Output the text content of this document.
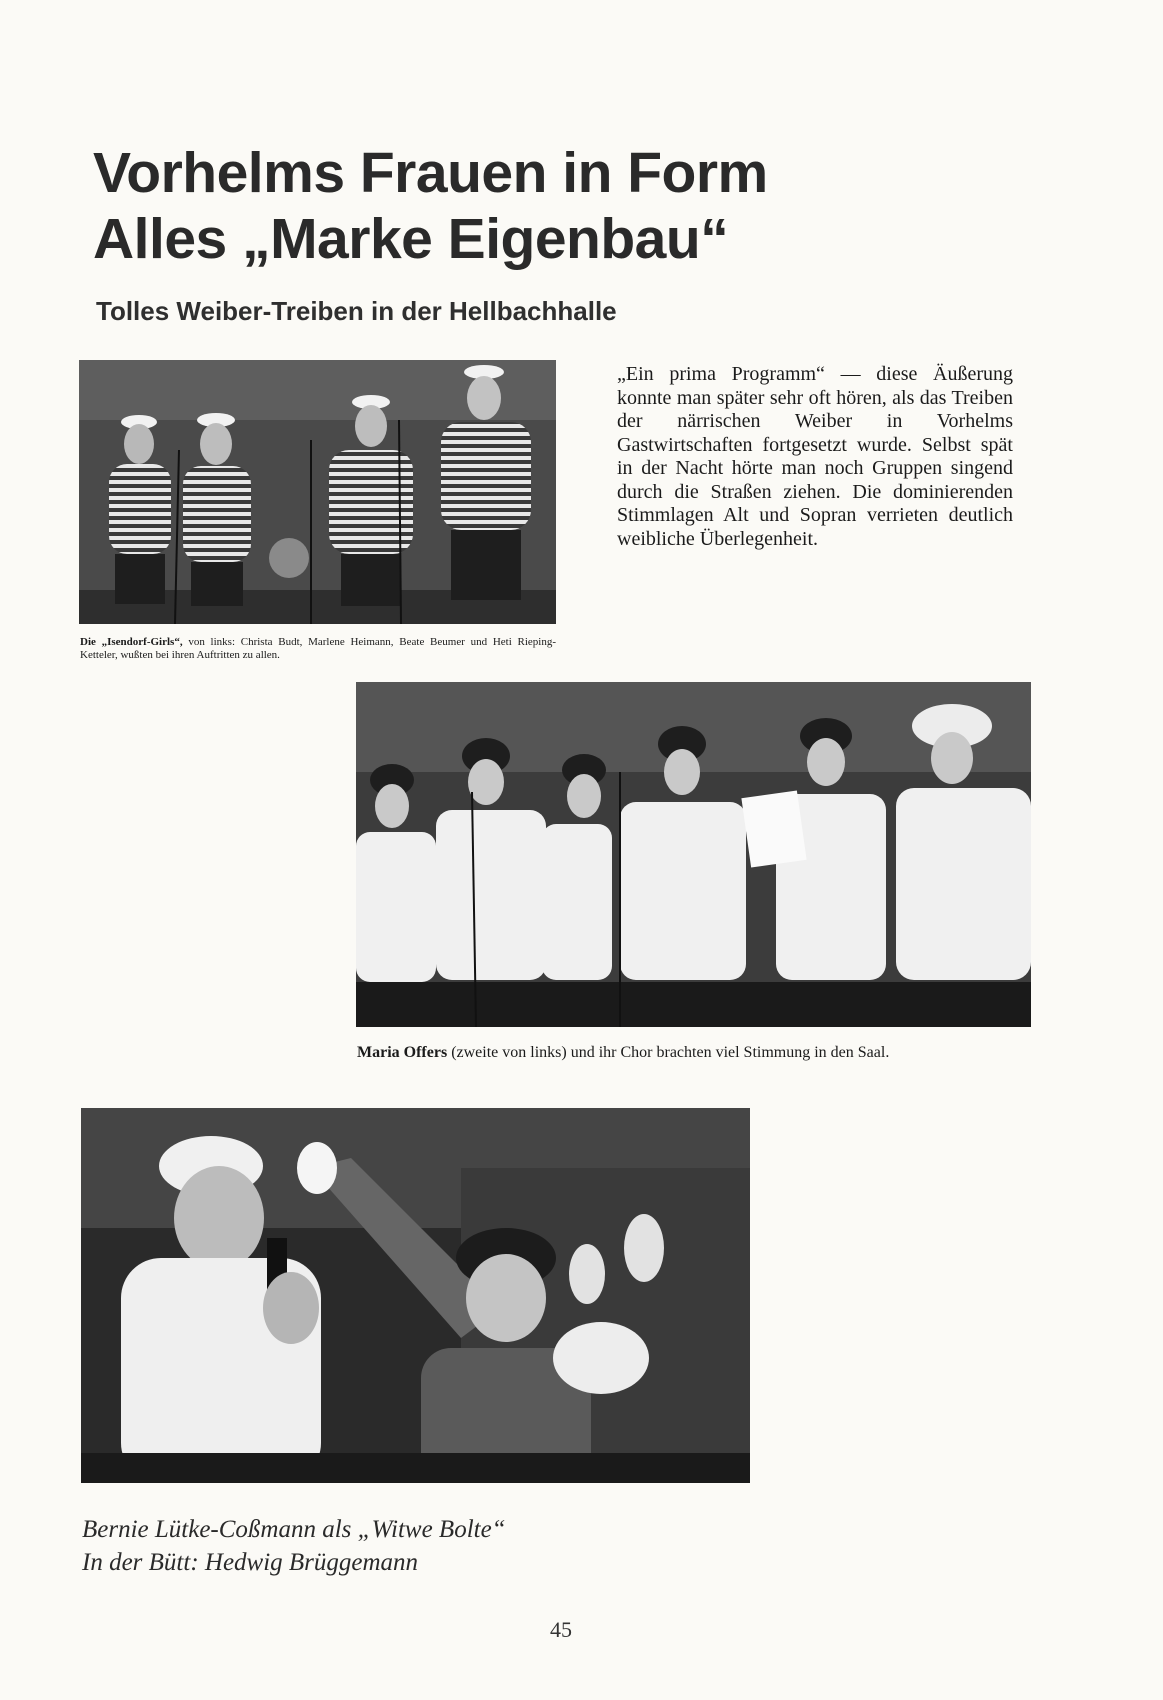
Vorhelms Frauen in Form
Alles „Marke Eigenbau“
Tolles Weiber-Treiben in der Hellbachhalle
Die „Isendorf-Girls“, von links: Christa Budt, Marlene Heimann, Beate Beumer und Heti Rieping-Ketteler, wußten bei ihren Auftritten zu allen.
„Ein prima Programm“ — diese Äußerung konnte man später sehr oft hören, als das Treiben der närrischen Weiber in Vorhelms Gastwirtschaften fortgesetzt wurde. Selbst spät in der Nacht hörte man noch Gruppen singend durch die Straßen ziehen. Die dominierenden Stimmlagen Alt und Sopran verrieten deutlich weibliche Überlegenheit.
Maria Offers (zweite von links) und ihr Chor brachten viel Stimmung in den Saal.
Bernie Lütke-Coßmann als „Witwe Bolte“
In der Bütt: Hedwig Brüggemann
45
